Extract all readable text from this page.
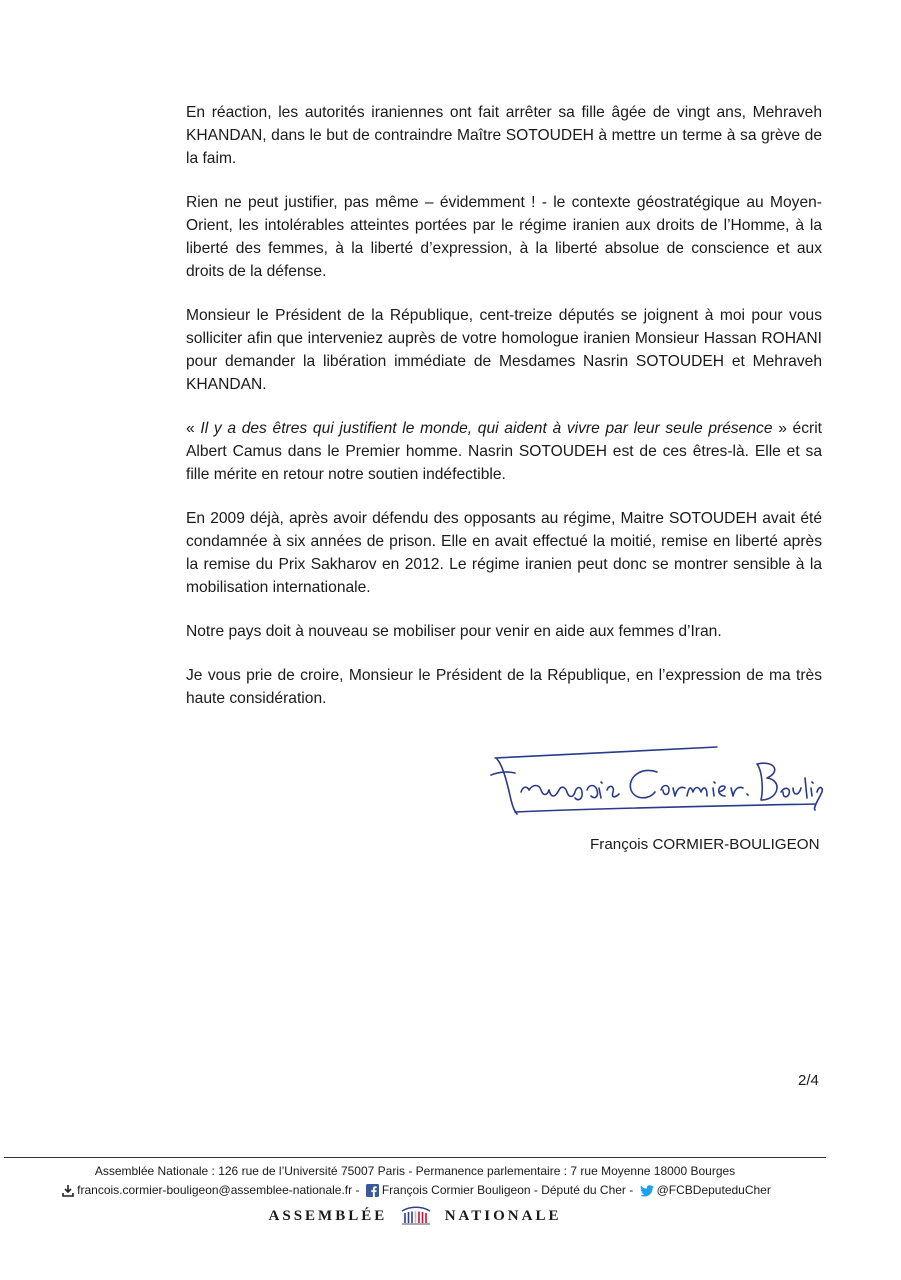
En réaction, les autorités iraniennes ont fait arrêter sa fille âgée de vingt ans, Mehraveh KHANDAN, dans le but de contraindre Maître SOTOUDEH à mettre un terme à sa grève de la faim.

Rien ne peut justifier, pas même – évidemment ! - le contexte géostratégique au Moyen-Orient, les intolérables atteintes portées par le régime iranien aux droits de l’Homme, à la liberté des femmes, à la liberté d’expression, à la liberté absolue de conscience et aux droits de la défense.

Monsieur le Président de la République, cent-treize députés se joignent à moi pour vous solliciter afin que interveniez auprès de votre homologue iranien Monsieur Hassan ROHANI pour demander la libération immédiate de Mesdames Nasrin SOTOUDEH et Mehraveh KHANDAN.

« Il y a des êtres qui justifient le monde, qui aident à vivre par leur seule présence » écrit Albert Camus dans le Premier homme. Nasrin SOTOUDEH est de ces êtres-là. Elle et sa fille mérite en retour notre soutien indéfectible.

En 2009 déjà, après avoir défendu des opposants au régime, Maitre SOTOUDEH avait été condamnée à six années de prison. Elle en avait effectué la moitié, remise en liberté après la remise du Prix Sakharov en 2012. Le régime iranien peut donc se montrer sensible à la mobilisation internationale.

Notre pays doit à nouveau se mobiliser pour venir en aide aux femmes d’Iran.

Je vous prie de croire, Monsieur le Président de la République, en l’expression de ma très haute considération.

François CORMIER-BOULIGEON
2/4
Assemblée Nationale : 126 rue de l’Université 75007 Paris - Permanence parlementaire : 7 rue Moyenne 18000 Bourges
francois.cormier-bouligeon@assemblee-nationale.fr - François Cormier Bouligeon - Député du Cher - @FCBDeputeduCher
ASSEMBLÉE	NATIONALE
